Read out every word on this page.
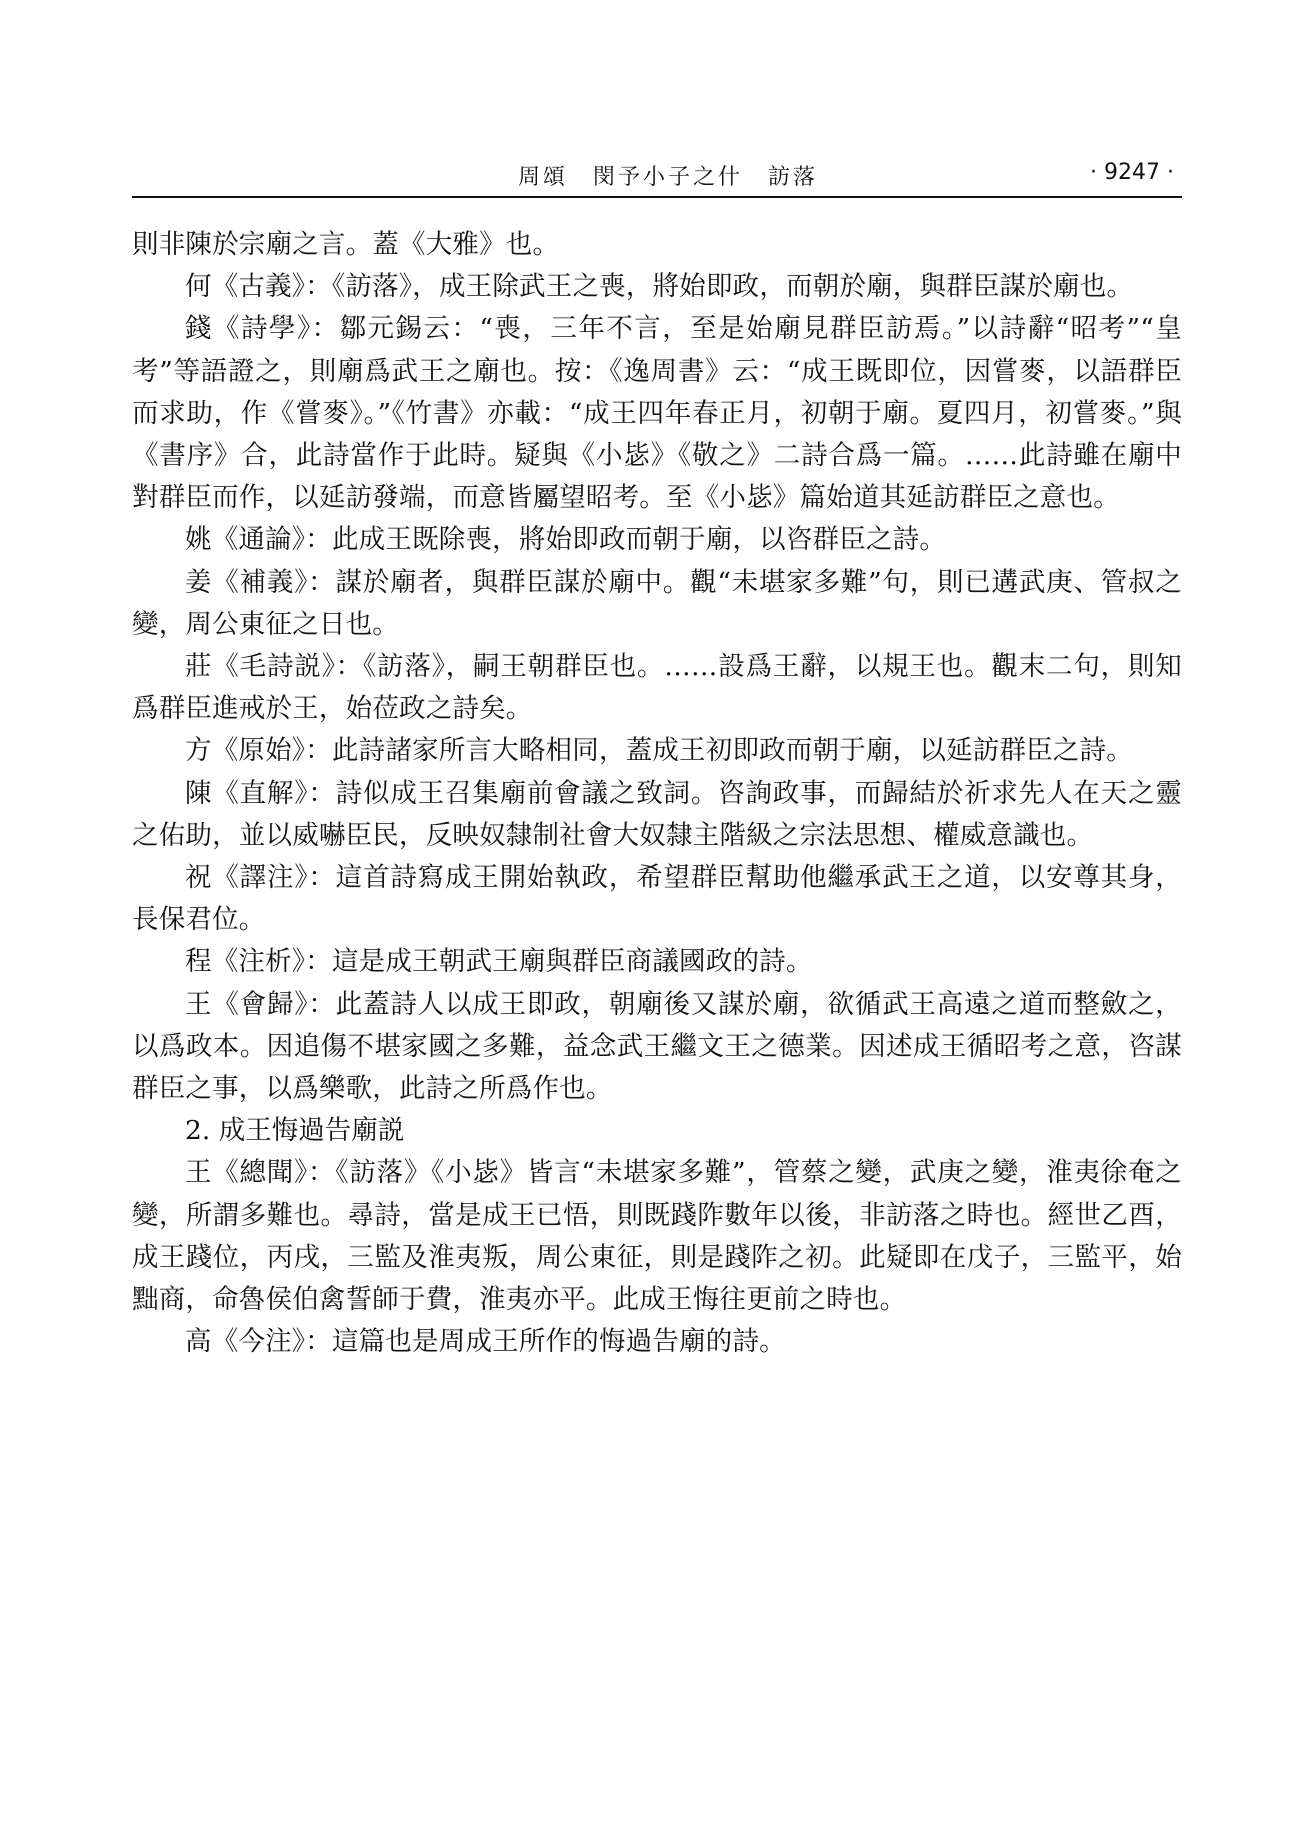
周頌　閔予小子之什　訪落	· 9247 ·

則非陳於宗廟之言。蓋《大雅》也。

何《古義》：《訪落》，成王除武王之喪，將始即政，而朝於廟，與群臣謀於廟也。

錢《詩學》：鄒元錫云：“喪，三年不言，至是始廟見群臣訪焉。”以詩辭“昭考”“皇考”等語證之，則廟爲武王之廟也。按：《逸周書》云：“成王既即位，因嘗麥，以語群臣而求助，作《嘗麥》。”《竹書》亦載：“成王四年春正月，初朝于廟。夏四月，初嘗麥。”與《書序》合，此詩當作于此時。疑與《小毖》《敬之》二詩合爲一篇。……此詩雖在廟中對群臣而作，以延訪發端，而意皆屬望昭考。至《小毖》篇始道其延訪群臣之意也。

姚《通論》：此成王既除喪，將始即政而朝于廟，以咨群臣之詩。

姜《補義》：謀於廟者，與群臣謀於廟中。觀“未堪家多難”句，則已遘武庚、管叔之變，周公東征之日也。

莊《毛詩説》：《訪落》，嗣王朝群臣也。……設爲王辭，以規王也。觀末二句，則知爲群臣進戒於王，始莅政之詩矣。

方《原始》：此詩諸家所言大略相同，蓋成王初即政而朝于廟，以延訪群臣之詩。

陳《直解》：詩似成王召集廟前會議之致詞。咨詢政事，而歸結於祈求先人在天之靈之佑助，並以威嚇臣民，反映奴隸制社會大奴隸主階級之宗法思想、權威意識也。

祝《譯注》：這首詩寫成王開始執政，希望群臣幫助他繼承武王之道，以安尊其身，長保君位。

程《注析》：這是成王朝武王廟與群臣商議國政的詩。

王《會歸》：此蓋詩人以成王即政，朝廟後又謀於廟，欲循武王高遠之道而整斂之，以爲政本。因追傷不堪家國之多難，益念武王繼文王之德業。因述成王循昭考之意，咨謀群臣之事，以爲樂歌，此詩之所爲作也。

2. 成王悔過告廟説

王《總聞》：《訪落》《小毖》皆言“未堪家多難”，管蔡之變，武庚之變，淮夷徐奄之變，所謂多難也。尋詩，當是成王已悟，則既踐阼數年以後，非訪落之時也。經世乙酉，成王踐位，丙戌，三監及淮夷叛，周公東征，則是踐阼之初。此疑即在戊子，三監平，始黜商，命魯侯伯禽誓師于費，淮夷亦平。此成王悔往更前之時也。

高《今注》：這篇也是周成王所作的悔過告廟的詩。
